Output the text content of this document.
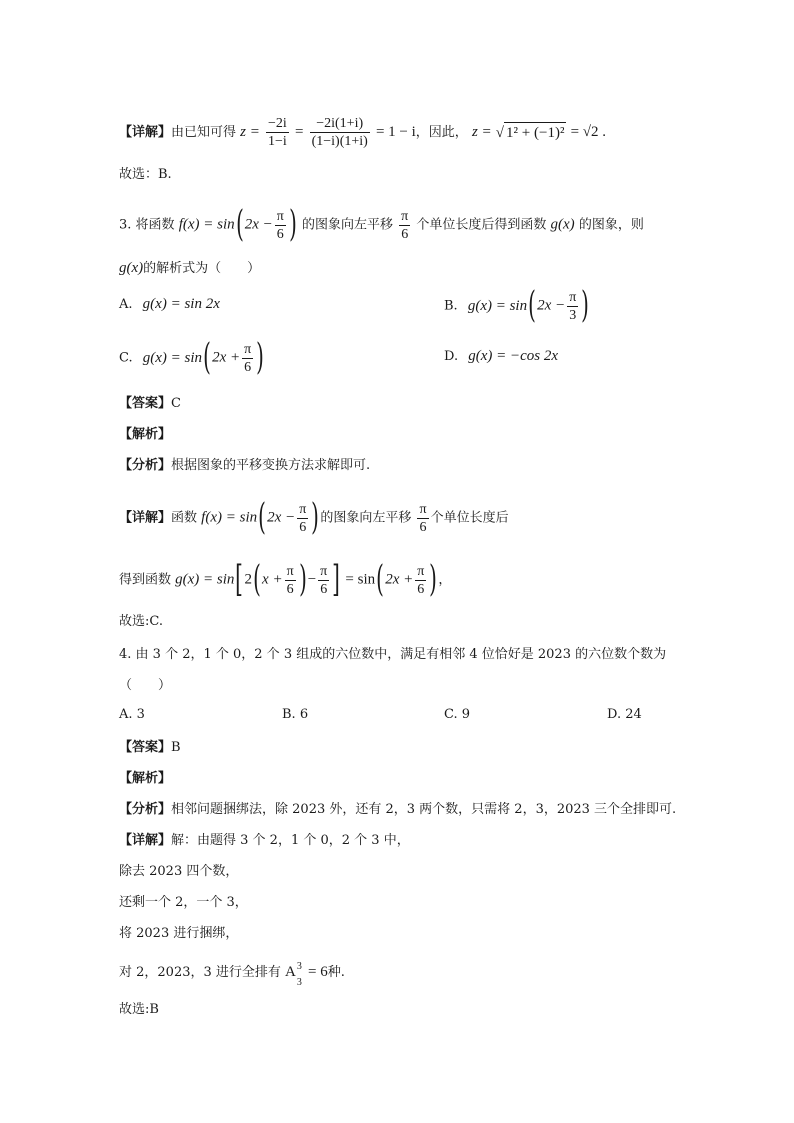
【详解】由已知可得 $z = \frac{-2i}{1-i} = \frac{-2i(1+i)}{(1-i)(1+i)} = 1 - i$，因此， z = √ 1² + (−1)² = √2 .
故选：B.
3. 将函数 $f(x) = \sin(2x - \frac{\pi}{6}$ ) 的图象向左平移 $\frac{\pi}{6}$ 个单位长度后得到函数 g(x) 的图象，则
g(x)的解析式为（　　）
A. g(x) = sin 2x	B. $g(x) = \sin(2x - \frac{\pi}{3}$ )
C. $g(x) = \sin(2x + \frac{\pi}{6}$ )	D. g(x) = −cos 2x
【答案】C
【解析】
【分析】根据图象的平移变换方法求解即可.
【详解】函数 $f(x) = \sin(2x - \frac{\pi}{6}$ )的图象向左平移 $\frac{\pi}{6}$ 个单位长度后
得到函数 $g(x) = \sin[2(x + \frac{\pi}{6}$ )− $\frac{\pi}{6}$ ] = $\sin(2x + \frac{\pi}{6}$ )，
故选:C.
4. 由 3 个 2，1 个 0，2 个 3 组成的六位数中，满足有相邻 4 位恰好是 2023 的六位数个数为
（　　）
A. 3	B. 6	C. 9	D. 24
【答案】B
【解析】
【分析】相邻问题捆绑法，除 2023 外，还有 2，3 两个数，只需将 2，3，2023 三个全排即可.
【详解】解：由题得 3 个 2，1 个 0，2 个 3 中，
除去 2023 四个数，
还剩一个 2，一个 3，
将 2023 进行捆绑，
对 2，2023，3 进行全排有 A 3
3
= 6种.
故选:B
